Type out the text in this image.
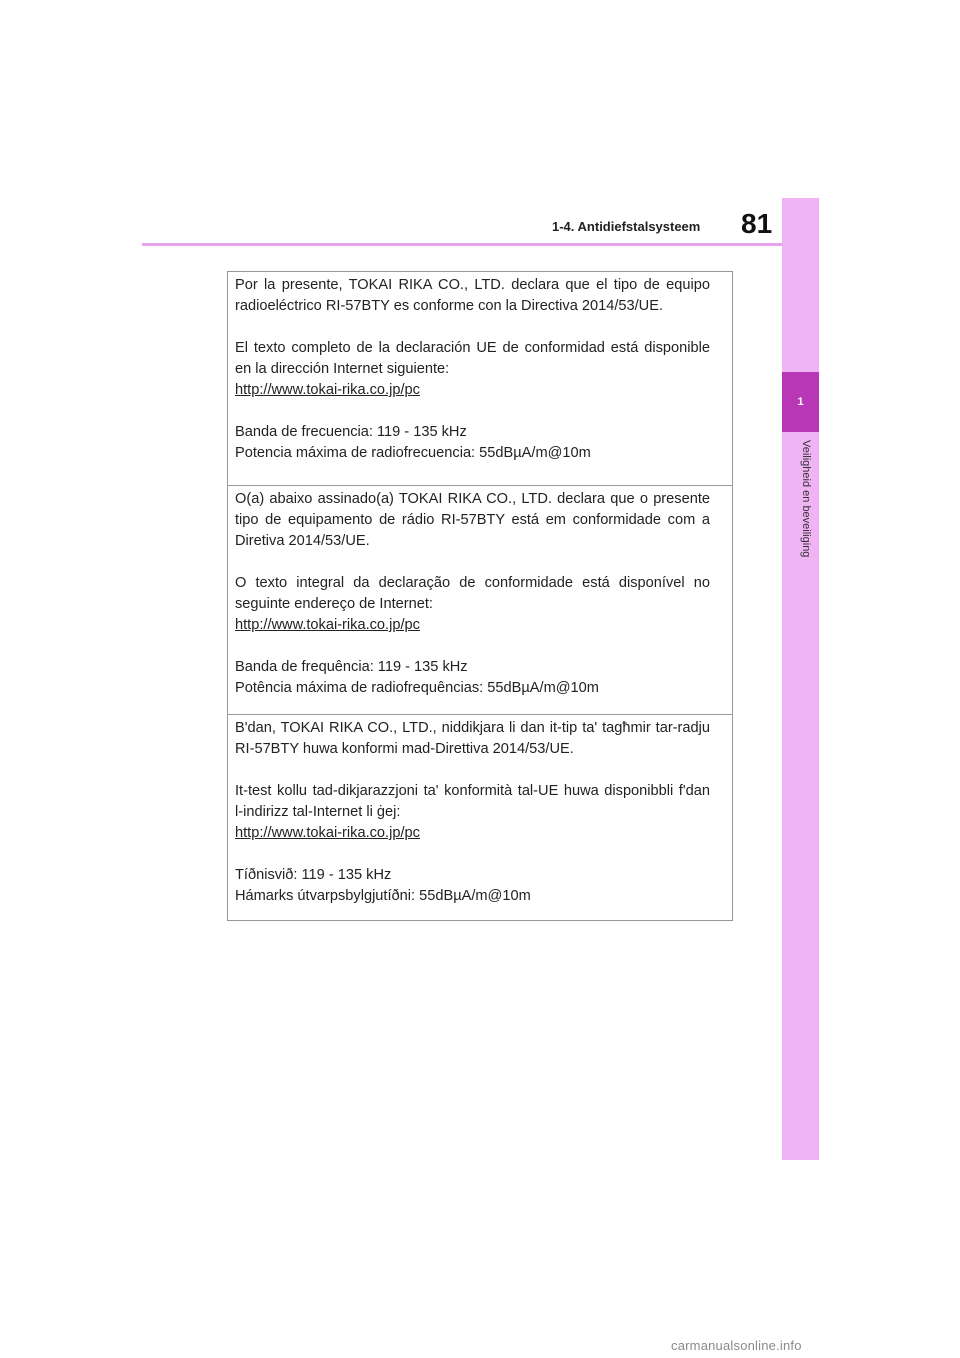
1-4. Antidiefstalsysteem 81
1
Veiligheid en beveiliging

Por la presente, TOKAI RIKA CO., LTD. declara que el tipo de equipo radioeléctrico RI-57BTY es conforme con la Directiva 2014/53/UE.

El texto completo de la declaración UE de conformidad está disponible en la dirección Internet siguiente:
http://www.tokai-rika.co.jp/pc

Banda de frecuencia: 119 - 135 kHz
Potencia máxima de radiofrecuencia: 55dBµA/m@10m

O(a) abaixo assinado(a) TOKAI RIKA CO., LTD. declara que o presente tipo de equipamento de rádio RI-57BTY está em conformidade com a Diretiva 2014/53/UE.

O texto integral da declaração de conformidade está disponível no seguinte endereço de Internet:
http://www.tokai-rika.co.jp/pc

Banda de frequência: 119 - 135 kHz
Potência máxima de radiofrequências: 55dBµA/m@10m

B'dan, TOKAI RIKA CO., LTD., niddikjara li dan it-tip ta' tagħmir tar-radju RI-57BTY huwa konformi mad-Direttiva 2014/53/UE.

It-test kollu tad-dikjarazzjoni ta' konformità tal-UE huwa disponibbli f'dan l-indirizz tal-Internet li ġej:
http://www.tokai-rika.co.jp/pc

Tíðnisvið: 119 - 135 kHz
Hámarks útvarpsbylgjutíðni: 55dBµA/m@10m

carmanualsonline.info
